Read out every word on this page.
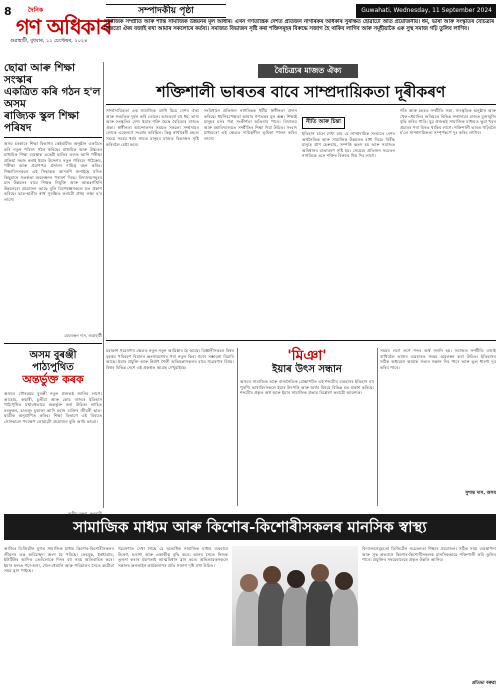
8	দৈনিক
গণ অধিকাৰ
গুৱাহাটী, বুধবাৰ, ১১ চেপ্টেম্বৰ, ২০২৪
সম্পাদকীয় পৃষ্ঠা	Guwahati, Wednesday, 11 September 2024
সামাজিক সম্প্ৰীতি আৰু শান্তি সামাজিক উন্নয়নৰ মূল আধাৰ। এখন গণতান্ত্ৰিক দেশত প্ৰতিজন নাগৰিকৰ অধিকাৰ সুৰক্ষিত হোৱাটো অতি প্ৰয়োজনীয়। ধৰ্ম, ভাষা আৰু সংস্কৃতিৰ বৈচিত্ৰ্যৰ মাজতো ঐক্য বজাই ৰখা আমাৰ সকলোৰে কৰ্তব্য। সমাজত বিভাজন সৃষ্টি কৰা শক্তিসমূহৰ বিৰুদ্ধে সজাগ হৈ থাকিব লাগিব আৰু সমূহীয়াকৈ এক সুস্থ সমাজ গঢ়ি তুলিব লাগিব।
ছোৱা আৰু শিক্ষা সংস্কাৰ
একত্ৰিত কৰি গঠন হ'ল অসম
ৰাজ্যিক স্কুল শিক্ষা পৰিষদ
অসম চৰকাৰে শিক্ষা বিভাগৰ কেইবাটাও অনুষ্ঠান একত্ৰিত কৰি নতুন পৰিষদ গঠন কৰিছে। মাধ্যমিক আৰু উচ্চতৰ মাধ্যমিক শিক্ষা ব্যৱস্থাক একেটা ছাতিৰ তলত আনি পৰীক্ষা প্ৰক্ৰিয়া সহজ কৰাই ইয়াৰ উদ্দেশ্য। নতুন পৰিষদে পাঠ্যক্ৰম, পৰীক্ষা আৰু প্ৰমাণপত্ৰ প্ৰদানৰ দায়িত্ব বহন কৰিব। শিক্ষাবিদসকলে এই সিদ্ধান্তক আদৰণি জনাইছে যদিও কিছুমানে সতৰ্কতা অৱলম্বনৰ পৰামৰ্শ দিছে। বিদ্যালয়সমূহৰ মান উন্নয়নৰ বাবে শিক্ষক নিযুক্তি আৰু আন্তঃগাঁথনি উন্নয়নৰো প্ৰয়োজন আছে বুলি বিশেষজ্ঞসকলে মত প্ৰকাশ কৰিছে। ছাত্ৰ-ছাত্ৰীৰ স্বাৰ্থ সুৰক্ষিত কৰাটো প্ৰথম লক্ষ্য হ'ব লাগে।
মেঘৰঞ্জন দাস, গুৱাহাটী
অসম বুৰঞ্জী
পাঠ্যপুথিত
অন্তৰ্ভুক্ত কৰক
অসমৰ গৌৰৱময় বুৰঞ্জী নতুন প্ৰজন্মই জানিব লাগে। আহোম, কছাৰী, চুতীয়া আৰু কোচ ৰাজ্যৰ ইতিহাস পাঠ্যপুথিত যথাযথভাৱে অন্তৰ্ভুক্ত কৰা উচিত। লাচিত বৰফুকন, চাওলুং চুকাফা আদি মহান ব্যক্তিৰ জীৱনী ছাত্ৰ-ছাত্ৰীক অনুপ্ৰাণিত কৰিব। শিক্ষা বিভাগে এই বিষয়ত সোনকালে পদক্ষেপ লোৱাটো প্ৰয়োজন বুলি আমি ভাবো।
বৈচিত্ৰ্যৰ মাজত ঐক্য
শক্তিশালী ভাৰতৰ বাবে সাম্প্ৰদায়িকতা দূৰীকৰণ
সাম্প্ৰদায়িকতা এক সামাজিক ব্যাধি যিয়ে দেশৰ ঐক্য আৰু সংহতিক দুৰ্বল কৰি তোলে। ভাৰতবৰ্ষ বহু ধৰ্ম, ভাষা আৰু সংস্কৃতিৰ দেশ। ইয়াৰ শক্তি হৈছে বৈচিত্ৰ্যৰ মাজত ঐক্য। স্বাধীনতা আন্দোলনৰ সময়ত সকলো সম্প্ৰদায়ৰ লোকে একেলগে সংগ্ৰাম কৰিছিল। কিন্তু স্বাৰ্থান্বেষী মহলে সময়ে সময়ে ধৰ্মৰ নামত মানুহৰ মাজত বিভাজন সৃষ্টি কৰিবলৈ চেষ্টা কৰে।
সংবিধানে প্ৰতিজন নাগৰিকক ধৰ্মীয় স্বাধীনতা প্ৰদান কৰিছে। ধৰ্মনিৰপেক্ষতা আমাৰ গণতন্ত্ৰৰ মূল স্তম্ভ। শিক্ষাই মানুহৰ মনৰ পৰা সংকীৰ্ণতা আঁতৰাব পাৰে। বিদ্যালয় আৰু মহাবিদ্যালয়ত সম্প্ৰীতিৰ শিক্ষা দিয়া উচিত। সংবাদ মাধ্যমৰো এই ক্ষেত্ৰত দায়িত্বশীল ভূমিকা পালন কৰিব লাগে।
নীতি আৰু চিন্তা
ইতিহাস চালে দেখা যায় যে সাম্প্ৰদায়িক সংঘাতে দেশৰ অৰ্থনৈতিক আৰু সামাজিক উন্নয়নত বাধা দিয়ে। নিৰীহ মানুহে প্ৰাণ হেৰুৱায়, সম্পত্তি ধ্বংস হয় আৰু সমাজত অবিশ্বাসৰ বাতাবৰণ সৃষ্টি হয়। সেয়েহে প্ৰতিজন সচেতন নাগৰিকে এনে শক্তিৰ বিৰুদ্ধে থিয় দিব লাগে।
গাঁও আৰু চহৰত সম্প্ৰীতি সভা, সাংস্কৃতিক অনুষ্ঠান আৰু খেল-ধেমালিৰ জৰিয়তে বিভিন্ন সম্প্ৰদায়ৰ মাজত বুজাবুজি বৃদ্ধি কৰিব পাৰি। যুৱ প্ৰজন্মই সামাজিক মাধ্যমত ভুৱা খবৰ প্ৰচাৰৰ পৰা বিৰত থাকিব লাগে। শক্তিশালী ভাৰত গঢ়িবলৈ হ'লে সাম্প্ৰদায়িকতা সম্পূৰ্ণৰূপে দূৰ কৰিব লাগিব।
মহাকাশ গৱেষণাৰ ক্ষেত্ৰত নতুন নতুন আৱিষ্কাৰ হৈ আছে। বিজ্ঞানীসকলে বিশ্বৰ বৃহত্তম পৰিবহণ বিমানৰ ধ্বংসাৱশেষৰ পৰা নতুন কিবা গঢ়াৰ সম্ভাৱনা বিচাৰি আছে। ইয়াৰ প্ৰযুক্তি আৰু নিৰ্মাণ শৈলী অভিযন্তাসকলৰ বাবে গৱেষণাৰ বিষয়। বিশ্বৰ বিভিন্ন দেশে এই প্ৰকল্পত আগ্ৰহ দেখুৱাইছে।
'মিঞা'
ইয়াৰ উৎস সন্ধান
অসমৰ সামাজিক আৰু ৰাজনৈতিক প্ৰেক্ষাপটত এই শব্দটোৰ ব্যৱহাৰৰ ইতিহাস বহু পুৰণি। ভাষাবিদসকলে ইয়াৰ উৎপত্তি আৰু অৰ্থৰ বিষয়ে বিভিন্ন মত প্ৰকাশ কৰিছে। শব্দটোৰ প্ৰকৃত অৰ্থ আৰু ইয়াৰ সামাজিক প্ৰভাৱ বিশ্লেষণ কৰাটো আৱশ্যক।
সময়ৰ লগে লগে শব্দৰ অৰ্থ সলনি হয়। সমাজত সম্প্ৰীতি বজাই ৰাখিবলৈ ভাষাৰ ব্যৱহাৰত সংযম অৱলম্বন কৰা উচিত। ইতিহাসৰ সঠিক অধ্যয়নে আমাক সত্যৰ সন্ধান দিব পাৰে আৰু ভুল ধাৰণা দূৰ কৰিব পাৰে।
সুশান্ত দাস, অসম
সামাজিক মাধ্যম আৰু কিশোৰ-কিশোৰীসকলৰ মানসিক স্বাস্থ্য
আজিৰ ডিজিটেল যুগত সামাজিক মাধ্যম কিশোৰ-কিশোৰীসকলৰ জীৱনৰ এক অবিচ্ছেদ্য অংশ হৈ পৰিছে। ফেচবুক, ইনষ্টাগ্ৰাম, ইউটিউব আদিত তেওঁলোকে দিনৰ বহু সময় অতিবাহিত কৰে। ইয়াৰ ফলত পঢ়া-শুনা, খেল-ধেমালি আৰু পৰিয়ালৰ সৈতে কটোৱা সময় হ্ৰাস পাইছে।
গৱেষণাত দেখা গৈছে যে অত্যধিক সামাজিক মাধ্যম ব্যৱহাৰে উদ্বেগ, হতাশা আৰু একাকীত্ব বৃদ্ধি কৰে। আনৰ সৈতে নিজক তুলনা কৰাৰ প্ৰৱণতাই আত্মবিশ্বাস হ্ৰাস কৰে। অভিভাৱকসকলে সন্তানৰ অনলাইন কাৰ্যকলাপৰ প্ৰতি সজাগ দৃষ্টি ৰখা উচিত।
বিদ্যালয়সমূহতো ডিজিটেল সচেতনতা শিক্ষাৰ প্ৰয়োজন। সঠিক সময় ব্যৱস্থাপনা আৰু সুস্থ অভ্যাসে কিশোৰ-কিশোৰীসকলক মানসিকভাৱে শক্তিশালী কৰি তুলিব পাৰে। প্ৰযুক্তিৰ সদ্ব্যৱহাৰেহে প্ৰকৃত উন্নতি আনিব।
প্ৰতিভা বৰুৱা
